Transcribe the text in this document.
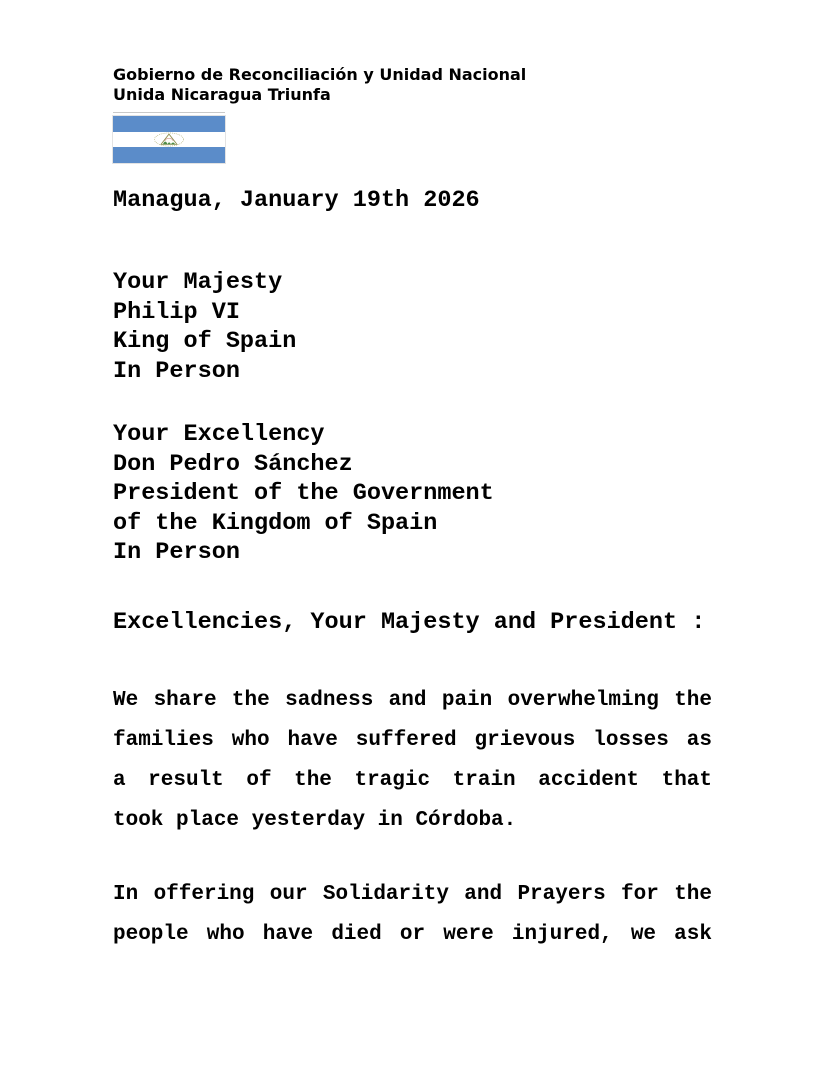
Gobierno de Reconciliación y Unidad Nacional
Unida Nicaragua Triunfa
Managua, January 19th 2026
Your Majesty
Philip VI
King of Spain
In Person
Your Excellency
Don Pedro Sánchez
President of the Government
of the Kingdom of Spain
In Person
Excellencies, Your Majesty and President :
We share the sadness and pain overwhelming the
families who have suffered grievous losses as
a result of the tragic train accident that
took place yesterday in Córdoba.
In offering our Solidarity and Prayers for the
people who have died or were injured, we ask
